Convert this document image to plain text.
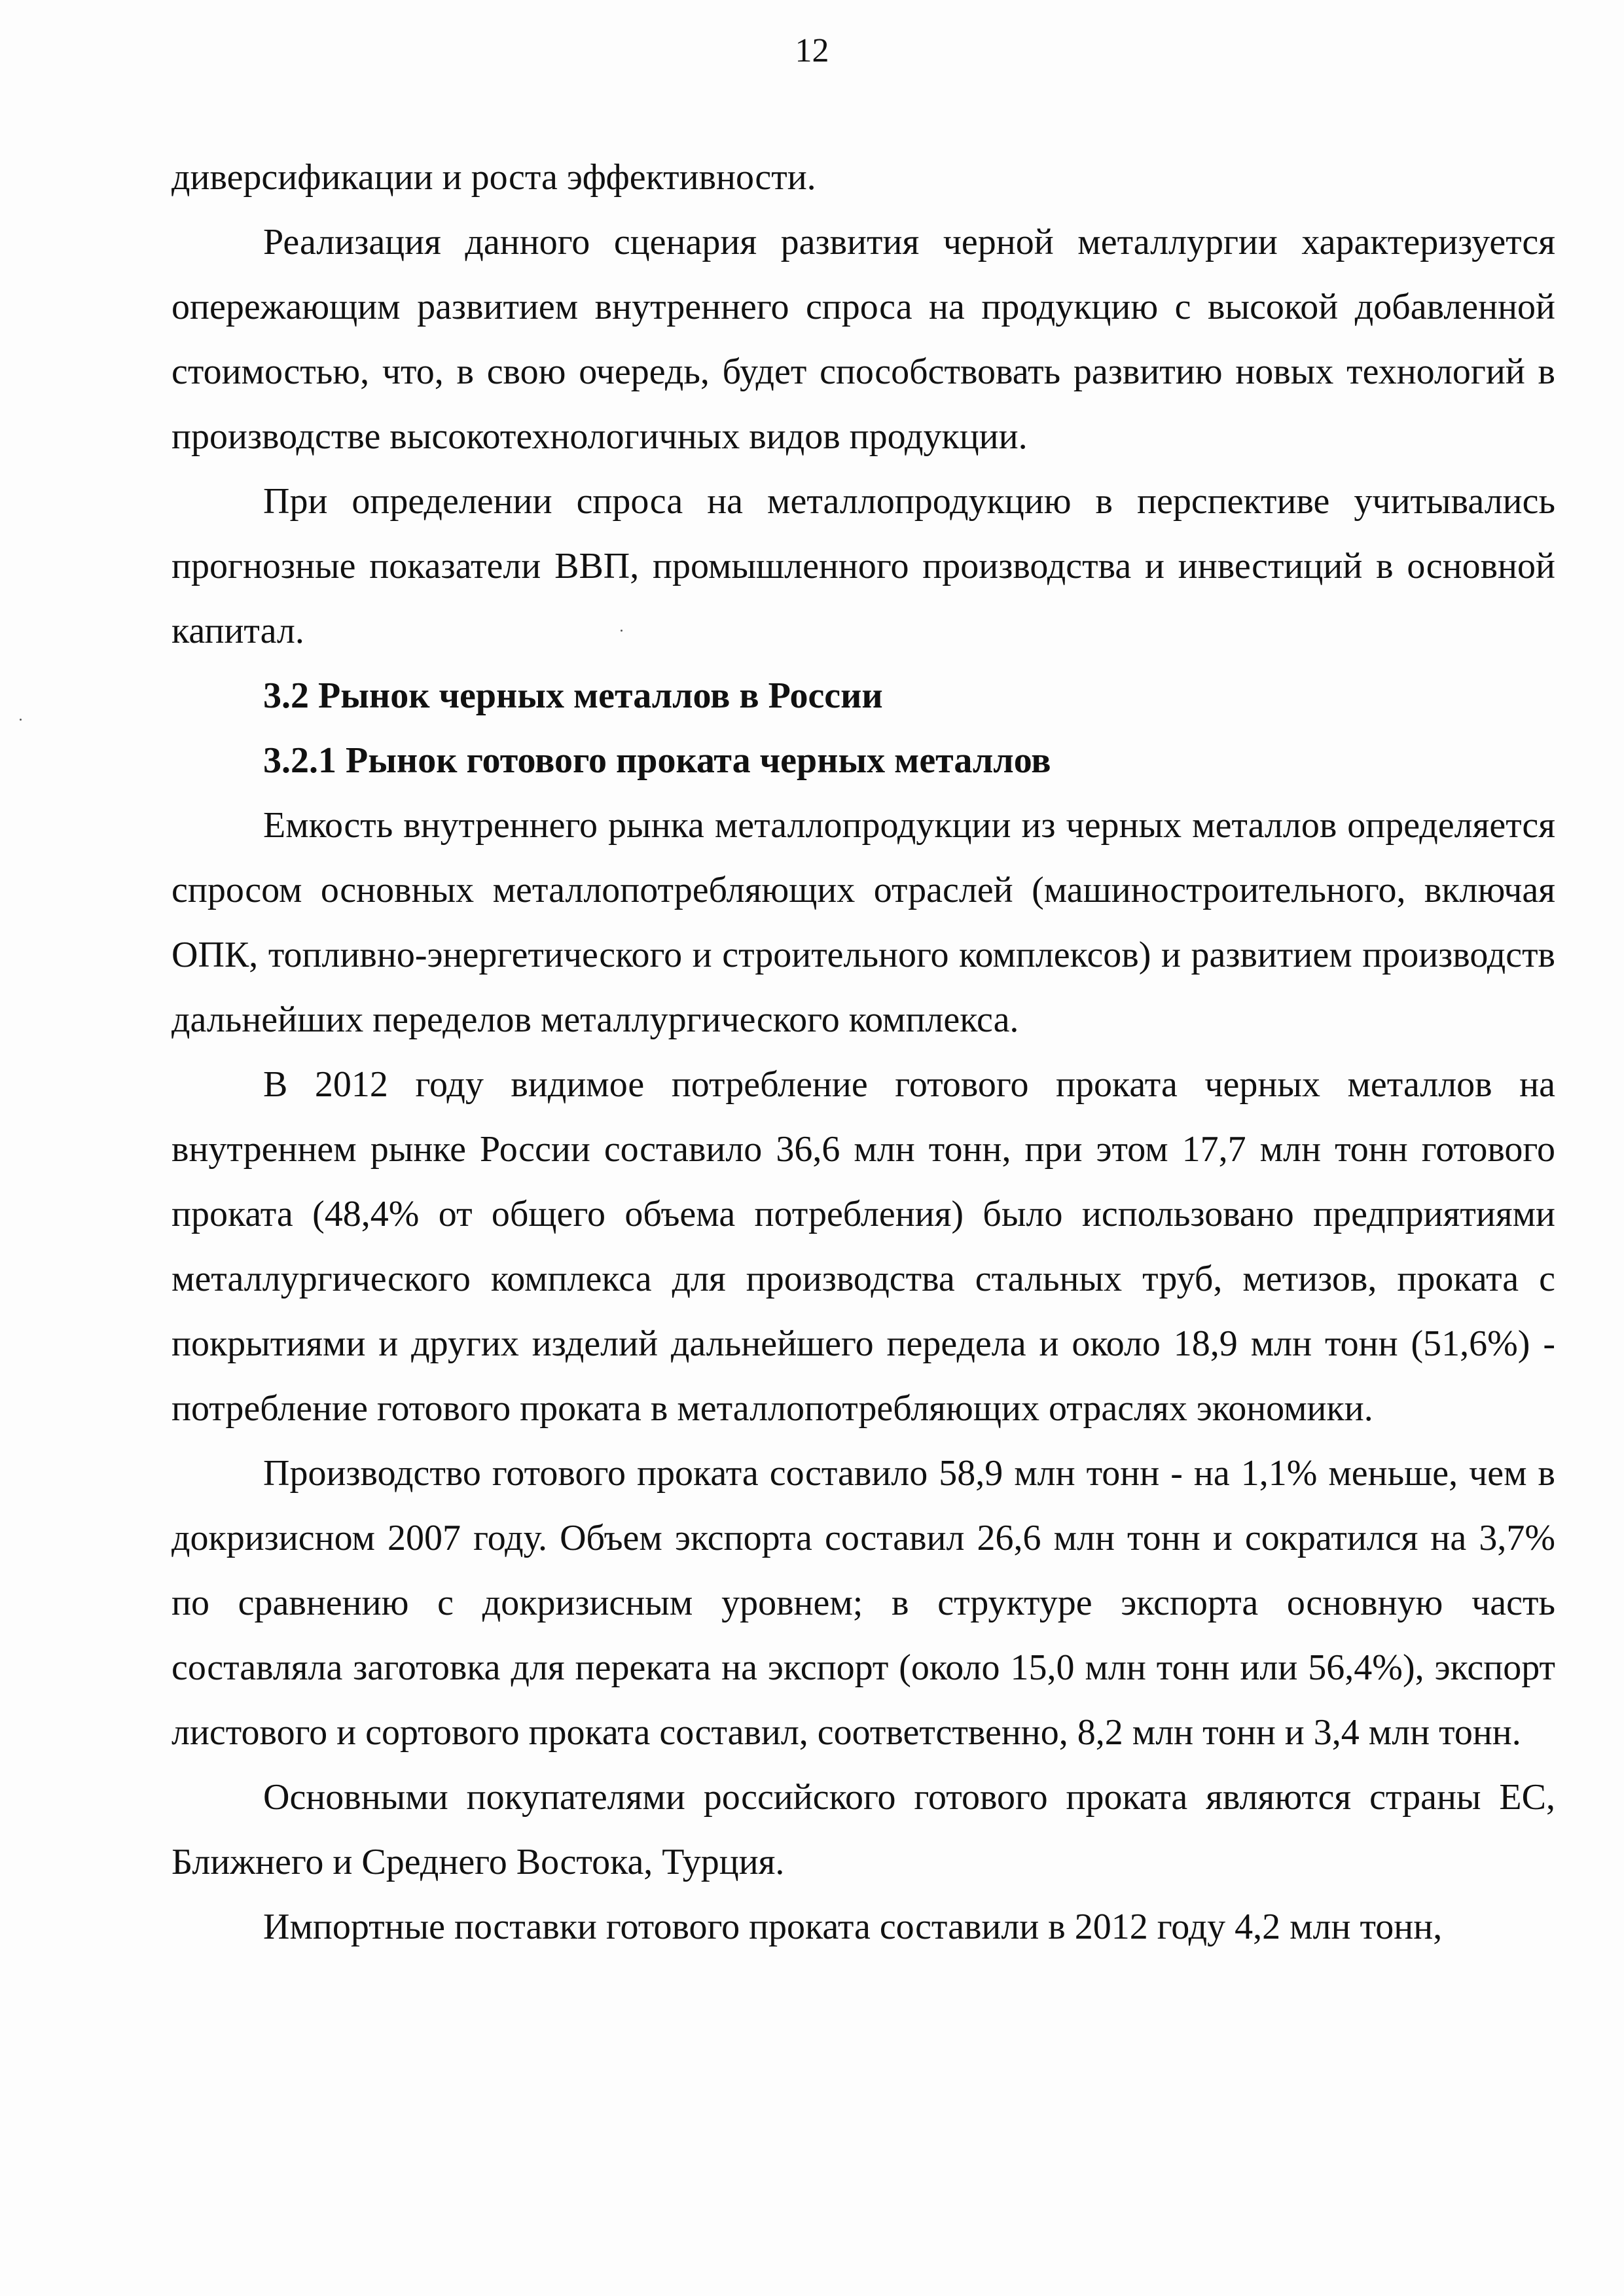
12

диверсификации и роста эффективности.

Реализация данного сценария развития черной металлургии характеризуется опережающим развитием внутреннего спроса на продукцию с высокой добавленной стоимостью, что, в свою очередь, будет способствовать развитию новых технологий в производстве высокотехнологичных видов продукции.

При определении спроса на металлопродукцию в перспективе учитывались прогнозные показатели ВВП, промышленного производства и инвестиций в основной капитал.

3.2 Рынок черных металлов в России

3.2.1 Рынок готового проката черных металлов

Емкость внутреннего рынка металлопродукции из черных металлов определяется спросом основных металлопотребляющих отраслей (машиностроительного, включая ОПК, топливно-энергетического и строительного комплексов) и развитием производств дальнейших переделов металлургического комплекса.

В 2012 году видимое потребление готового проката черных металлов на внутреннем рынке России составило 36,6 млн тонн, при этом 17,7 млн тонн готового проката (48,4% от общего объема потребления) было использовано предприятиями металлургического комплекса для производства стальных труб, метизов, проката с покрытиями и других изделий дальнейшего передела и около 18,9 млн тонн (51,6%) - потребление готового проката в металлопотребляющих отраслях экономики.

Производство готового проката составило 58,9 млн тонн - на 1,1% меньше, чем в докризисном 2007 году. Объем экспорта составил 26,6 млн тонн и сократился на 3,7% по сравнению с докризисным уровнем; в структуре экспорта основную часть составляла заготовка для переката на экспорт (около 15,0 млн тонн или 56,4%), экспорт листового и сортового проката составил, соответственно, 8,2 млн тонн и 3,4 млн тонн.

Основными покупателями российского готового проката являются страны ЕС, Ближнего и Среднего Востока, Турция.

Импортные поставки готового проката составили в 2012 году 4,2 млн тонн,
